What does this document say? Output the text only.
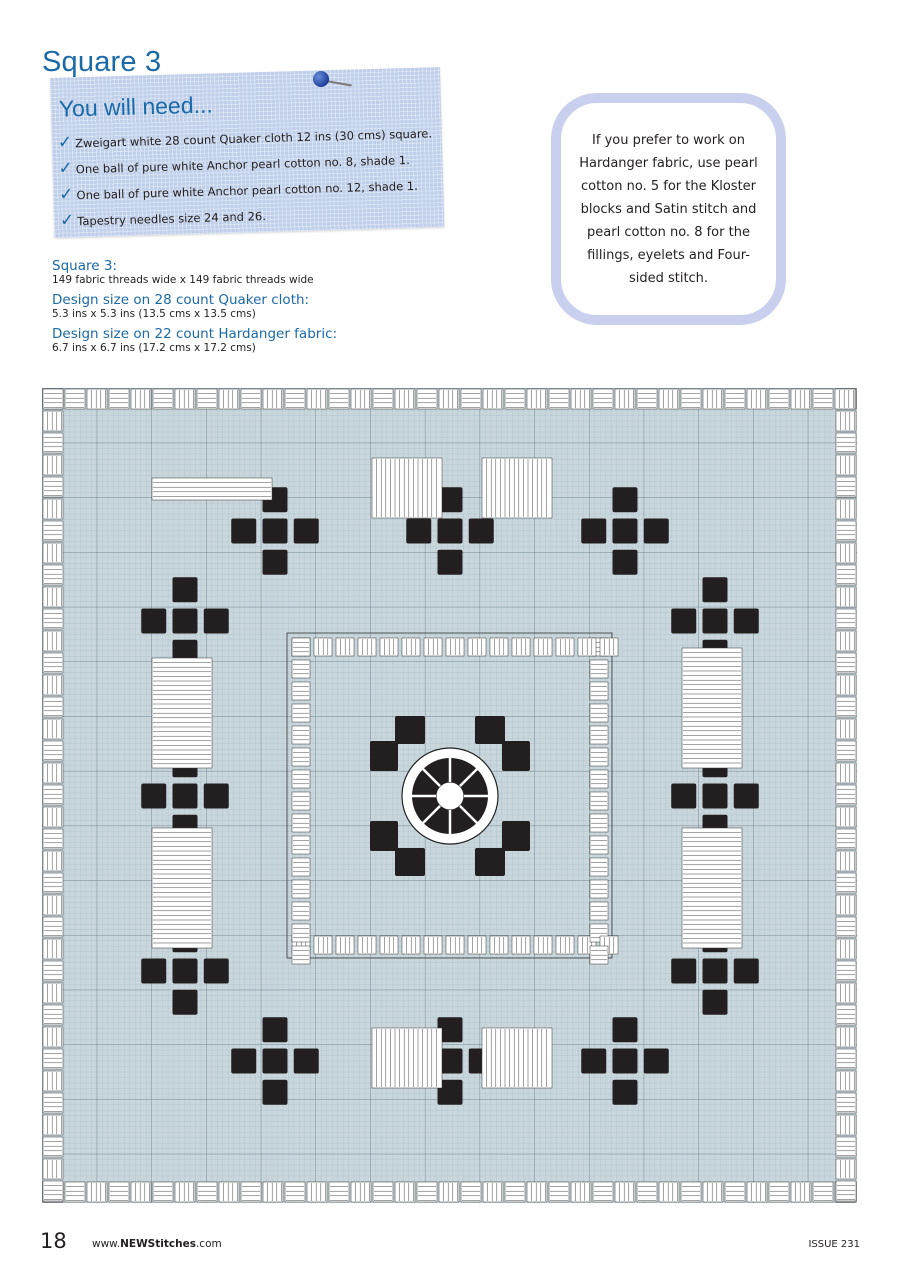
Square 3
You will need...
✓ Zweigart white 28 count Quaker cloth 12 ins (30 cms) square.
✓ One ball of pure white Anchor pearl cotton no. 8, shade 1.
✓ One ball of pure white Anchor pearl cotton no. 12, shade 1.
✓ Tapestry needles size 24 and 26.
Square 3:
149 fabric threads wide x 149 fabric threads wide
Design size on 28 count Quaker cloth:
5.3 ins x 5.3 ins (13.5 cms x 13.5 cms)
Design size on 22 count Hardanger fabric:
6.7 ins x 6.7 ins (17.2 cms x 17.2 cms)

If you prefer to work on Hardanger fabric, use pearl cotton no. 5 for the Kloster blocks and Satin stitch and pearl cotton no. 8 for the fillings, eyelets and Four-sided stitch.

18 www.NEWStitches.com	ISSUE 231
